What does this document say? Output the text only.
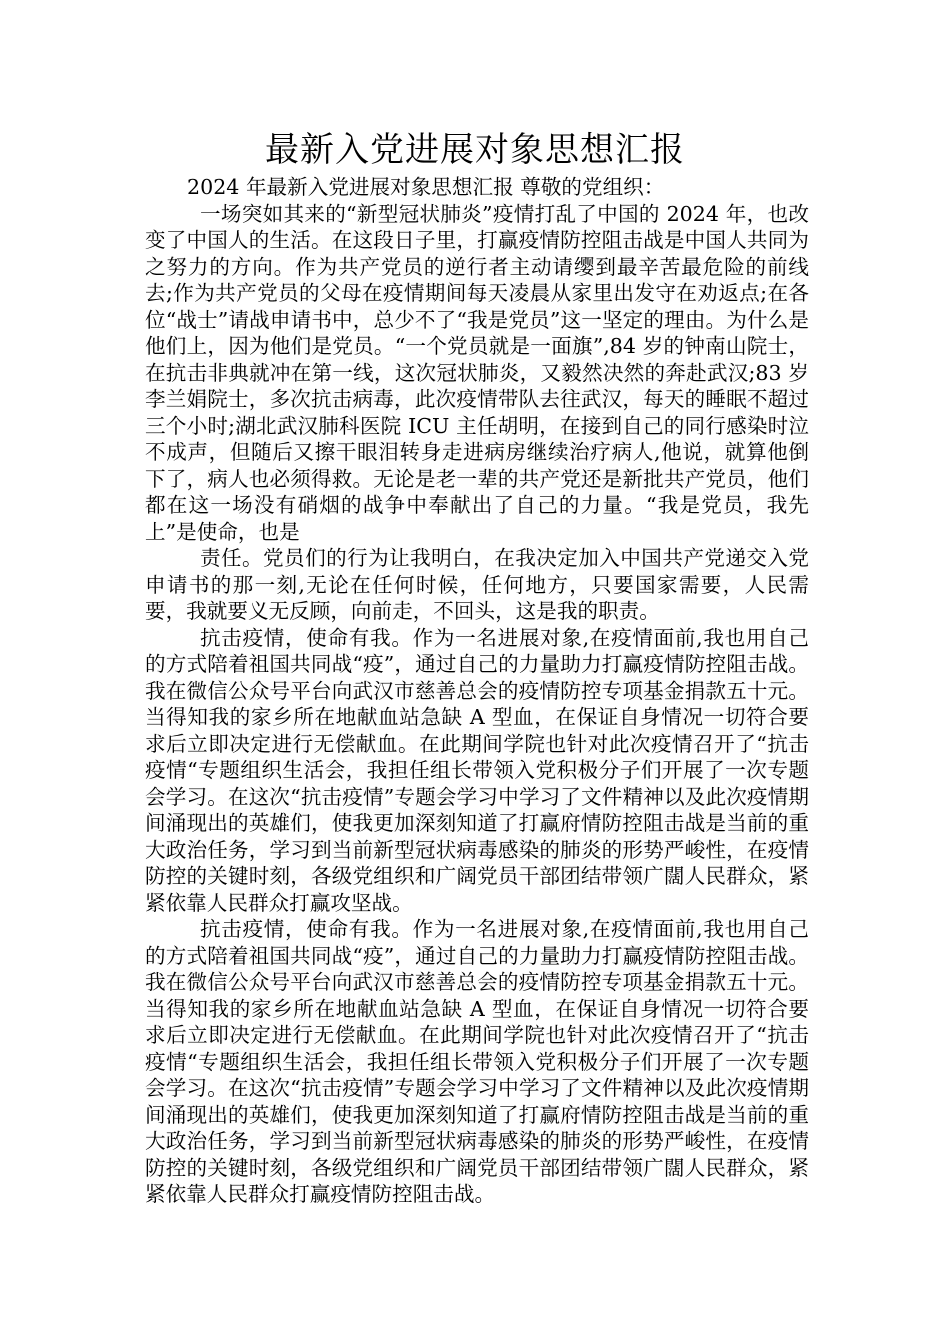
最新入党进展对象思想汇报

2024 年最新入党进展对象思想汇报 尊敬的党组织：

一场突如其来的“新型冠状肺炎”疫情打乱了中国的 2024 年，也改变了中国人的生活。在这段日子里，打赢疫情防控阻击战是中国人共同为之努力的方向。作为共产党员的逆行者主动请缨到最辛苦最危险的前线去;作为共产党员的父母在疫情期间每天凌晨从家里出发守在劝返点;在各位“战士”请战申请书中，总少不了“我是党员”这一坚定的理由。为什么是他们上，因为他们是党员。“一个党员就是一面旗”,84 岁的钟南山院士，在抗击非典就冲在第一线，这次冠状肺炎，又毅然决然的奔赴武汉;83 岁李兰娟院士，多次抗击病毒，此次疫情带队去往武汉，每天的睡眠不超过三个小时;湖北武汉肺科医院 ICU 主任胡明，在接到自己的同行感染时泣不成声，但随后又擦干眼泪转身走进病房继续治疗病人,他说，就算他倒下了，病人也必须得救。无论是老一辈的共产党还是新批共产党员，他们都在这一场没有硝烟的战争中奉献出了自己的力量。“我是党员，我先上”是使命，也是

责任。党员们的行为让我明白，在我决定加入中国共产党递交入党申请书的那一刻,无论在任何时候，任何地方，只要国家需要，人民需要，我就要义无反顾，向前走，不回头，这是我的职责。

抗击疫情，使命有我。作为一名进展对象,在疫情面前,我也用自己的方式陪着祖国共同战“疫”，通过自己的力量助力打赢疫情防控阻击战。我在微信公众号平台向武汉市慈善总会的疫情防控专项基金捐款五十元。当得知我的家乡所在地献血站急缺 A 型血，在保证自身情况一切符合要求后立即决定进行无偿献血。在此期间学院也针对此次疫情召开了“抗击疫情“专题组织生活会，我担任组长带领入党积极分子们开展了一次专题会学习。在这次“抗击疫情”专题会学习中学习了文件精神以及此次疫情期间涌现出的英雄们，使我更加深刻知道了打赢府情防控阻击战是当前的重大政治任务，学习到当前新型冠状病毒感染的肺炎的形势严峻性，在疫情防控的关键时刻，各级党组织和广阔党员干部团结带领广闊人民群众，紧紧依靠人民群众打赢攻坚战。

抗击疫情，使命有我。作为一名进展对象,在疫情面前,我也用自己的方式陪着祖国共同战“疫”，通过自己的力量助力打赢疫情防控阻击战。我在微信公众号平台向武汉市慈善总会的疫情防控专项基金捐款五十元。当得知我的家乡所在地献血站急缺 A 型血，在保证自身情况一切符合要求后立即决定进行无偿献血。在此期间学院也针对此次疫情召开了“抗击疫情“专题组织生活会，我担任组长带领入党积极分子们开展了一次专题会学习。在这次“抗击疫情”专题会学习中学习了文件精神以及此次疫情期间涌现出的英雄们，使我更加深刻知道了打赢府情防控阻击战是当前的重大政治任务，学习到当前新型冠状病毒感染的肺炎的形势严峻性，在疫情防控的关键时刻，各级党组织和广阔党员干部团结带领广闊人民群众，紧紧依靠人民群众打赢疫情防控阻击战。
